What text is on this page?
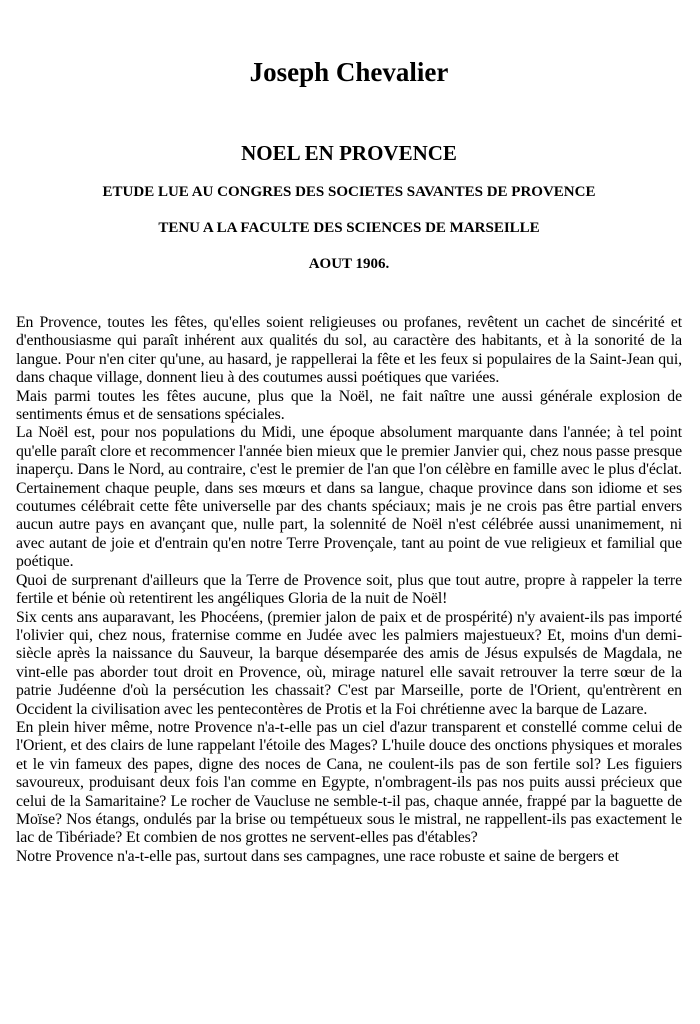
Joseph Chevalier
NOEL EN PROVENCE
ETUDE LUE AU CONGRES DES SOCIETES SAVANTES DE PROVENCE
TENU A LA FACULTE DES SCIENCES DE MARSEILLE
AOUT 1906.

En Provence, toutes les fêtes, qu'elles soient religieuses ou profanes, revêtent un cachet de sincérité et d'enthousiasme qui paraît inhérent aux qualités du sol, au caractère des habitants, et à la sonorité de la langue. Pour n'en citer qu'une, au hasard, je rappellerai la fête et les feux si populaires de la Saint-Jean qui, dans chaque village, donnent lieu à des coutumes aussi poétiques que variées.

Mais parmi toutes les fêtes aucune, plus que la Noël, ne fait naître une aussi générale explosion de sentiments émus et de sensations spéciales.

La Noël est, pour nos populations du Midi, une époque absolument marquante dans l'année; à tel point qu'elle paraît clore et recommencer l'année bien mieux que le premier Janvier qui, chez nous passe presque inaperçu. Dans le Nord, au contraire, c'est le premier de l'an que l'on célèbre en famille avec le plus d'éclat. Certainement chaque peuple, dans ses mœurs et dans sa langue, chaque province dans son idiome et ses coutumes célébrait cette fête universelle par des chants spéciaux; mais je ne crois pas être partial envers aucun autre pays en avançant que, nulle part, la solennité de Noël n'est célébrée aussi unanimement, ni avec autant de joie et d'entrain qu'en notre Terre Provençale, tant au point de vue religieux et familial que poétique.

Quoi de surprenant d'ailleurs que la Terre de Provence soit, plus que tout autre, propre à rappeler la terre fertile et bénie où retentirent les angéliques Gloria de la nuit de Noël!

Six cents ans auparavant, les Phocéens, (premier jalon de paix et de prospérité) n'y avaient-ils pas importé l'olivier qui, chez nous, fraternise comme en Judée avec les palmiers majestueux? Et, moins d'un demi-siècle après la naissance du Sauveur, la barque désemparée des amis de Jésus expulsés de Magdala, ne vint-elle pas aborder tout droit en Provence, où, mirage naturel elle savait retrouver la terre sœur de la patrie Judéenne d'où la persécution les chassait? C'est par Marseille, porte de l'Orient, qu'entrèrent en Occident la civilisation avec les pentecontères de Protis et la Foi chrétienne avec la barque de Lazare.

En plein hiver même, notre Provence n'a-t-elle pas un ciel d'azur transparent et constellé comme celui de l'Orient, et des clairs de lune rappelant l'étoile des Mages? L'huile douce des onctions physiques et morales et le vin fameux des papes, digne des noces de Cana, ne coulent-ils pas de son fertile sol? Les figuiers savoureux, produisant deux fois l'an comme en Egypte, n'ombragent-ils pas nos puits aussi précieux que celui de la Samaritaine? Le rocher de Vaucluse ne semble-t-il pas, chaque année, frappé par la baguette de Moïse? Nos étangs, ondulés par la brise ou tempétueux sous le mistral, ne rappellent-ils pas exactement le lac de Tibériade? Et combien de nos grottes ne servent-elles pas d'étables?

Notre Provence n'a-t-elle pas, surtout dans ses campagnes, une race robuste et saine de bergers et
